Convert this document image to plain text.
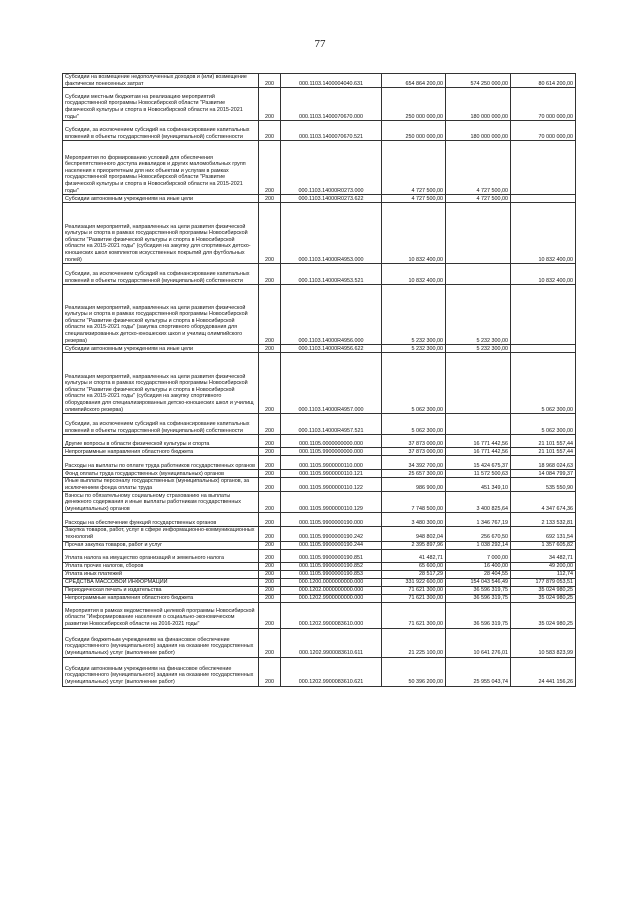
77
Субсидии на возмещение недополученных доходов и (или) возмещение фактически понесенных затрат	200	000.1103.1400004040.631	654 864 200,00	574 250 000,00	80 614 200,00
Субсидии местным бюджетам на реализацию мероприятий государственной программы Новосибирской области "Развитие физической культуры и спорта в Новосибирской области на 2015-2021 годы"	200	000.1103.1400070670.000	250 000 000,00	180 000 000,00	70 000 000,00
Субсидии, за исключением субсидий на софинансирование капитальных вложений в объекты государственной (муниципальной) собственности	200	000.1103.1400070670.521	250 000 000,00	180 000 000,00	70 000 000,00
Мероприятия по формированию условий для обеспечения беспрепятственного доступа инвалидов и других маломобильных групп населения к приоритетным для них объектам и услугам в рамках государственной программы Новосибирской области "Развитие физической культуры и спорта в Новосибирской области на 2015-2021 годы"	200	000.1103.14000R0273.000	4 727 500,00	4 727 500,00	
Субсидии автономным учреждениям на иные цели	200	000.1103.14000R0273.622	4 727 500,00	4 727 500,00	
Реализация мероприятий, направленных на цели развития физической культуры и спорта в рамках государственной программы Новосибирской области "Развитие физической культуры и спорта в Новосибирской области на 2015-2021 годы" (субсидия на закупку для спортивных детско-юношеских школ комплектов искусственных покрытий для футбольных полей)	200	000.1103.14000R4953.000	10 832 400,00		10 832 400,00
Субсидии, за исключением субсидий на софинансирование капитальных вложений в объекты государственной (муниципальной) собственности	200	000.1103.14000R4953.521	10 832 400,00		10 832 400,00
Реализация мероприятий, направленных на цели развития физической культуры и спорта в рамках государственной программы Новосибирской области "Развитие физической культуры и спорта в Новосибирской области на 2015-2021 годы" (закупка спортивного оборудования для специализированных детско-юношеских школ и училищ олимпийского резерва)	200	000.1103.14000R4956.000	5 232 300,00	5 232 300,00	
Субсидии автономным учреждениям на иные цели	200	000.1103.14000R4956.622	5 232 300,00	5 232 300,00	
Реализация мероприятий, направленных на цели развития физической культуры и спорта в рамках государственной программы Новосибирской области "Развитие физической культуры и спорта в Новосибирской области на 2015-2021 годы" (субсидия на закупку спортивного оборудования для специализированных детско-юношеских школ и училищ олимпийского резерва)	200	000.1103.14000R4957.000	5 062 300,00		5 062 300,00
Субсидии, за исключением субсидий на софинансирование капитальных вложений в объекты государственной (муниципальной) собственности	200	000.1103.14000R4957.521	5 062 300,00		5 062 300,00
Другие вопросы в области физической культуры и спорта	200	000.1105.0000000000.000	37 873 000,00	16 771 442,56	21 101 557,44
Непрограммные направления областного бюджета	200	000.1105.9900000000.000	37 873 000,00	16 771 442,56	21 101 557,44
Расходы на выплаты по оплате труда работников государственных органов	200	000.1105.9900000110.000	34 392 700,00	15 424 675,37	18 968 024,63
Фонд оплаты труда государственных (муниципальных) органов	200	000.1105.9900000110.121	25 657 300,00	11 572 500,63	14 084 799,37
Иные выплаты персоналу государственных (муниципальных) органов, за исключением фонда оплаты труда	200	000.1105.9900000110.122	986 900,00	451 349,10	535 550,90
Взносы по обязательному социальному страхованию на выплаты денежного содержания и иные выплаты работникам государственных (муниципальных) органов	200	000.1105.9900000110.129	7 748 500,00	3 400 825,64	4 347 674,36
Расходы на обеспечение функций государственных органов	200	000.1105.9900000190.000	3 480 300,00	1 346 767,19	2 133 532,81
Закупка товаров, работ, услуг в сфере информационно-коммуникационных технологий	200	000.1105.9900000190.242	948 802,04	256 670,50	692 131,54
Прочая закупка товаров, работ и услуг	200	000.1105.9900000190.244	2 395 897,96	1 038 292,14	1 357 605,82
Уплата налога на имущество организаций и земельного налога	200	000.1105.9900000190.851	41 482,71	7 000,00	34 482,71
Уплата прочих налогов, сборов	200	000.1105.9900000190.852	65 600,00	16 400,00	49 200,00
Уплата иных платежей	200	000.1105.9900000190.853	28 517,29	28 404,55	112,74
СРЕДСТВА МАССОВОЙ ИНФОРМАЦИИ	200	000.1200.0000000000.000	331 922 600,00	154 043 546,49	177 879 053,51
Периодическая печать и издательства	200	000.1202.0000000000.000	71 621 300,00	36 596 319,75	35 024 980,25
Непрограммные направления областного бюджета	200	000.1202.9900000000.000	71 621 300,00	36 596 319,75	35 024 980,25
Мероприятия в рамках ведомственной целевой программы Новосибирской области "Информирование населения о социально-экономическом развитии Новосибирской области на 2016-2021 годы"	200	000.1202.9900083610.000	71 621 300,00	36 596 319,75	35 024 980,25
Субсидии бюджетным учреждениям на финансовое обеспечение государственного (муниципального) задания на оказание государственных (муниципальных) услуг (выполнение работ)	200	000.1202.9900083610.611	21 225 100,00	10 641 276,01	10 583 823,99
Субсидии автономным учреждениям на финансовое обеспечение государственного (муниципального) задания на оказание государственных (муниципальных) услуг (выполнение работ)	200	000.1202.9900083610.621	50 396 200,00	25 955 043,74	24 441 156,26
